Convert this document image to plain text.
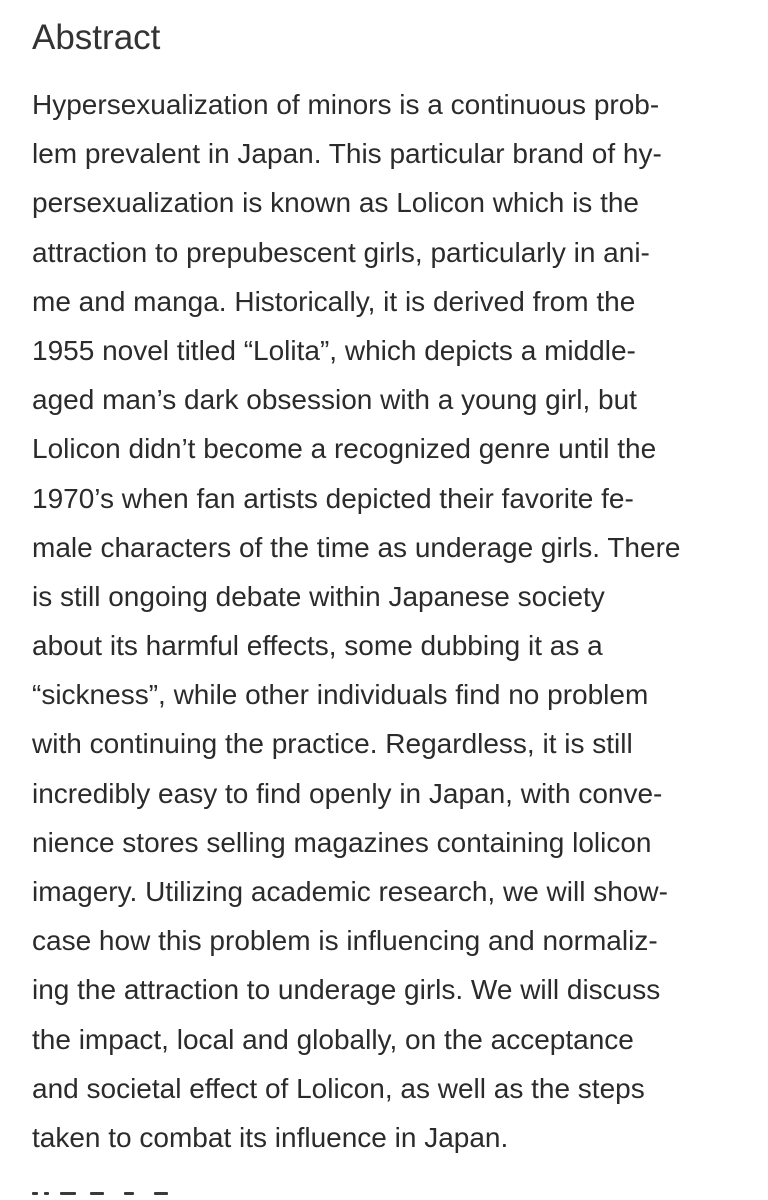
Abstract
Hypersexualization of minors is a continuous prob-
lem prevalent in Japan. This particular brand of hy-
persexualization is known as Lolicon which is the
attraction to prepubescent girls, particularly in ani-
me and manga. Historically, it is derived from the
1955 novel titled “Lolita”, which depicts a middle-
aged man’s dark obsession with a young girl, but
Lolicon didn’t become a recognized genre until the
1970’s when fan artists depicted their favorite fe-
male characters of the time as underage girls. There
is still ongoing debate within Japanese society
about its harmful effects, some dubbing it as a
“sickness”, while other individuals find no problem
with continuing the practice. Regardless, it is still
incredibly easy to find openly in Japan, with conve-
nience stores selling magazines containing lolicon
imagery. Utilizing academic research, we will show-
case how this problem is influencing and normaliz-
ing the attraction to underage girls. We will discuss
the impact, local and globally, on the acceptance
and societal effect of Lolicon, as well as the steps
taken to combat its influence in Japan.
